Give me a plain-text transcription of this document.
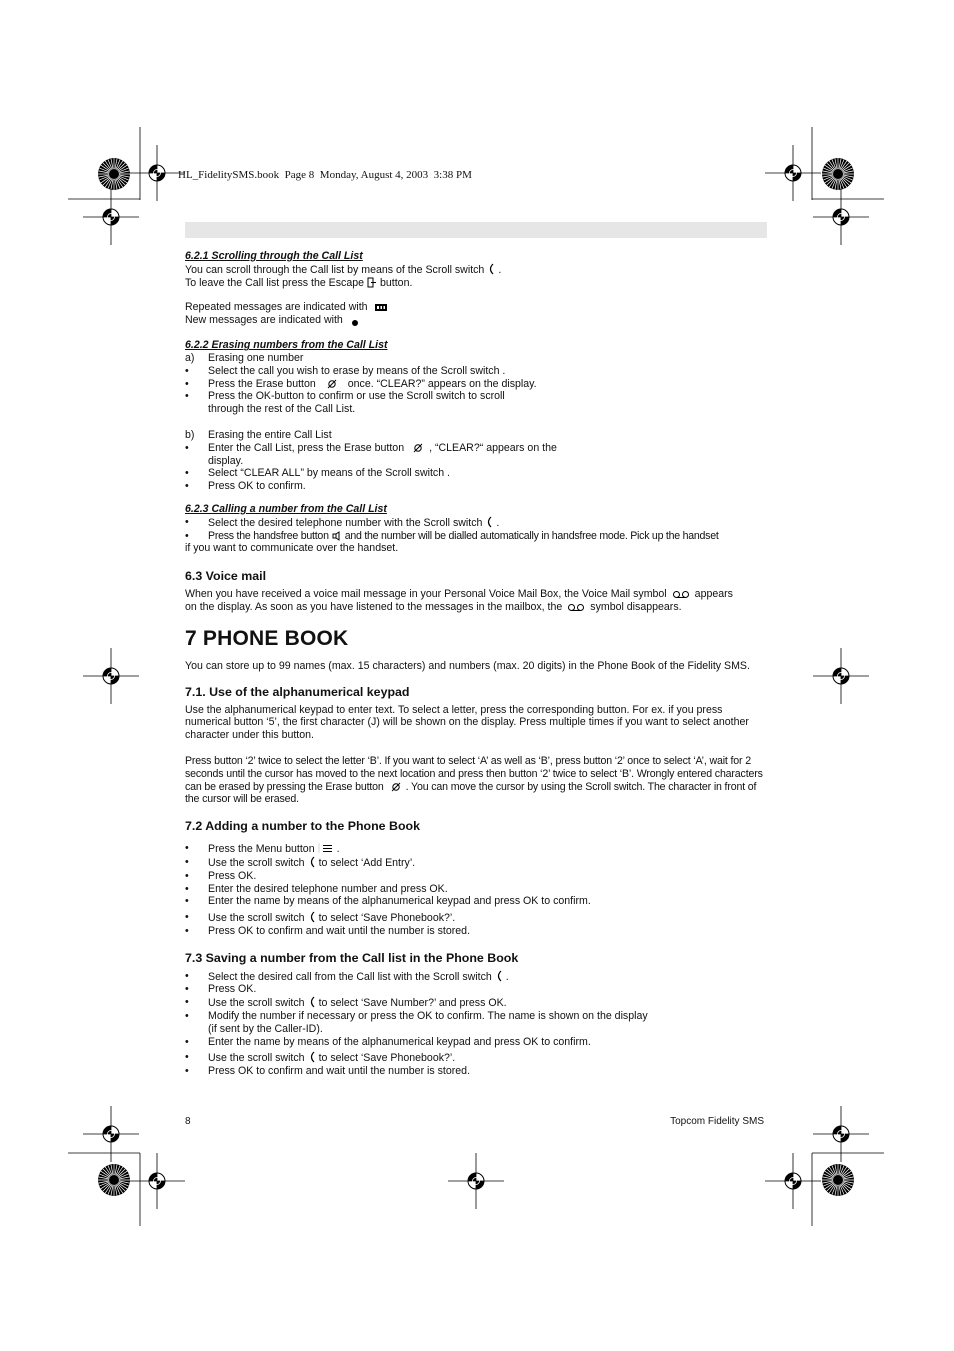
HL_FidelitySMS.book  Page 8  Monday, August 4, 2003  3:38 PM

6.2.1 Scrolling through the Call List

You can scroll through the Call list by means of the Scroll switch .

To leave the Call list press the Escape button.

Repeated messages are indicated with

New messages are indicated with

6.2.2 Erasing numbers from the Call List

a)	Erasing one number
•	Select the call you wish to erase by means of the Scroll switch .
•	Press the Erase button	once. “CLEAR?” appears on the display.
•	Press the OK-button to confirm or use the Scroll switch to scroll
through the rest of the Call List.
b)	Erasing the entire Call List
•	Enter the Call List, press the Erase button , “CLEAR?“ appears on the
display.
•	Select “CLEAR ALL” by means of the Scroll switch .
•	Press OK to confirm.

6.2.3 Calling a number from the Call List

•	Select the desired telephone number with the Scroll switch .
•	Press the handsfree button and the number will be dialled automatically in handsfree mode. Pick up the handset

if you want to communicate over the handset.

6.3 Voice mail

When you have received a voice mail message in your Personal Voice Mail Box, the Voice Mail symbol	appears

on the display. As soon as you have listened to the messages in the mailbox, the	symbol disappears.

7 PHONE BOOK

You can store up to 99 names (max. 15 characters) and numbers (max. 20 digits) in the Phone Book of the Fidelity SMS.

7.1. Use of the alphanumerical keypad

Use the alphanumerical keypad to enter text. To select a letter, press the corresponding button. For ex. if you press numerical button ‘5’, the first character (J) will be shown on the display. Press multiple times if you want to select another character under this button.

Press button ‘2’ twice to select the letter ‘B’. If you want to select ‘A’ as well as ‘B’, press button ‘2’ once to select ‘A’, wait for 2 seconds until the cursor has moved to the next location and press then button ‘2’ twice to select ‘B’. Wrongly entered characters can be erased by pressing the Erase button . You can move the cursor by using the Scroll switch. The character in front of the cursor will be erased.

7.2 Adding a number to the Phone Book

•	Press the Menu button .
•	Use the scroll switch to select ‘Add Entry’.
•	Press OK.
•	Enter the desired telephone number and press OK.
•	Enter the name by means of the alphanumerical keypad and press OK to confirm.
•	Use the scroll switch to select ‘Save Phonebook?’.
•	Press OK to confirm and wait until the number is stored.

7.3 Saving a number from the Call list in the Phone Book

•	Select the desired call from the Call list with the Scroll switch .
•	Press OK.
•	Use the scroll switch to select ‘Save Number?’ and press OK.
•	Modify the number if necessary or press the OK to confirm. The name is shown on the display
(if sent by the Caller-ID).
•	Enter the name by means of the alphanumerical keypad and press OK to confirm.
•	Use the scroll switch to select ‘Save Phonebook?’.
•	Press OK to confirm and wait until the number is stored.
8	Topcom Fidelity SMS
